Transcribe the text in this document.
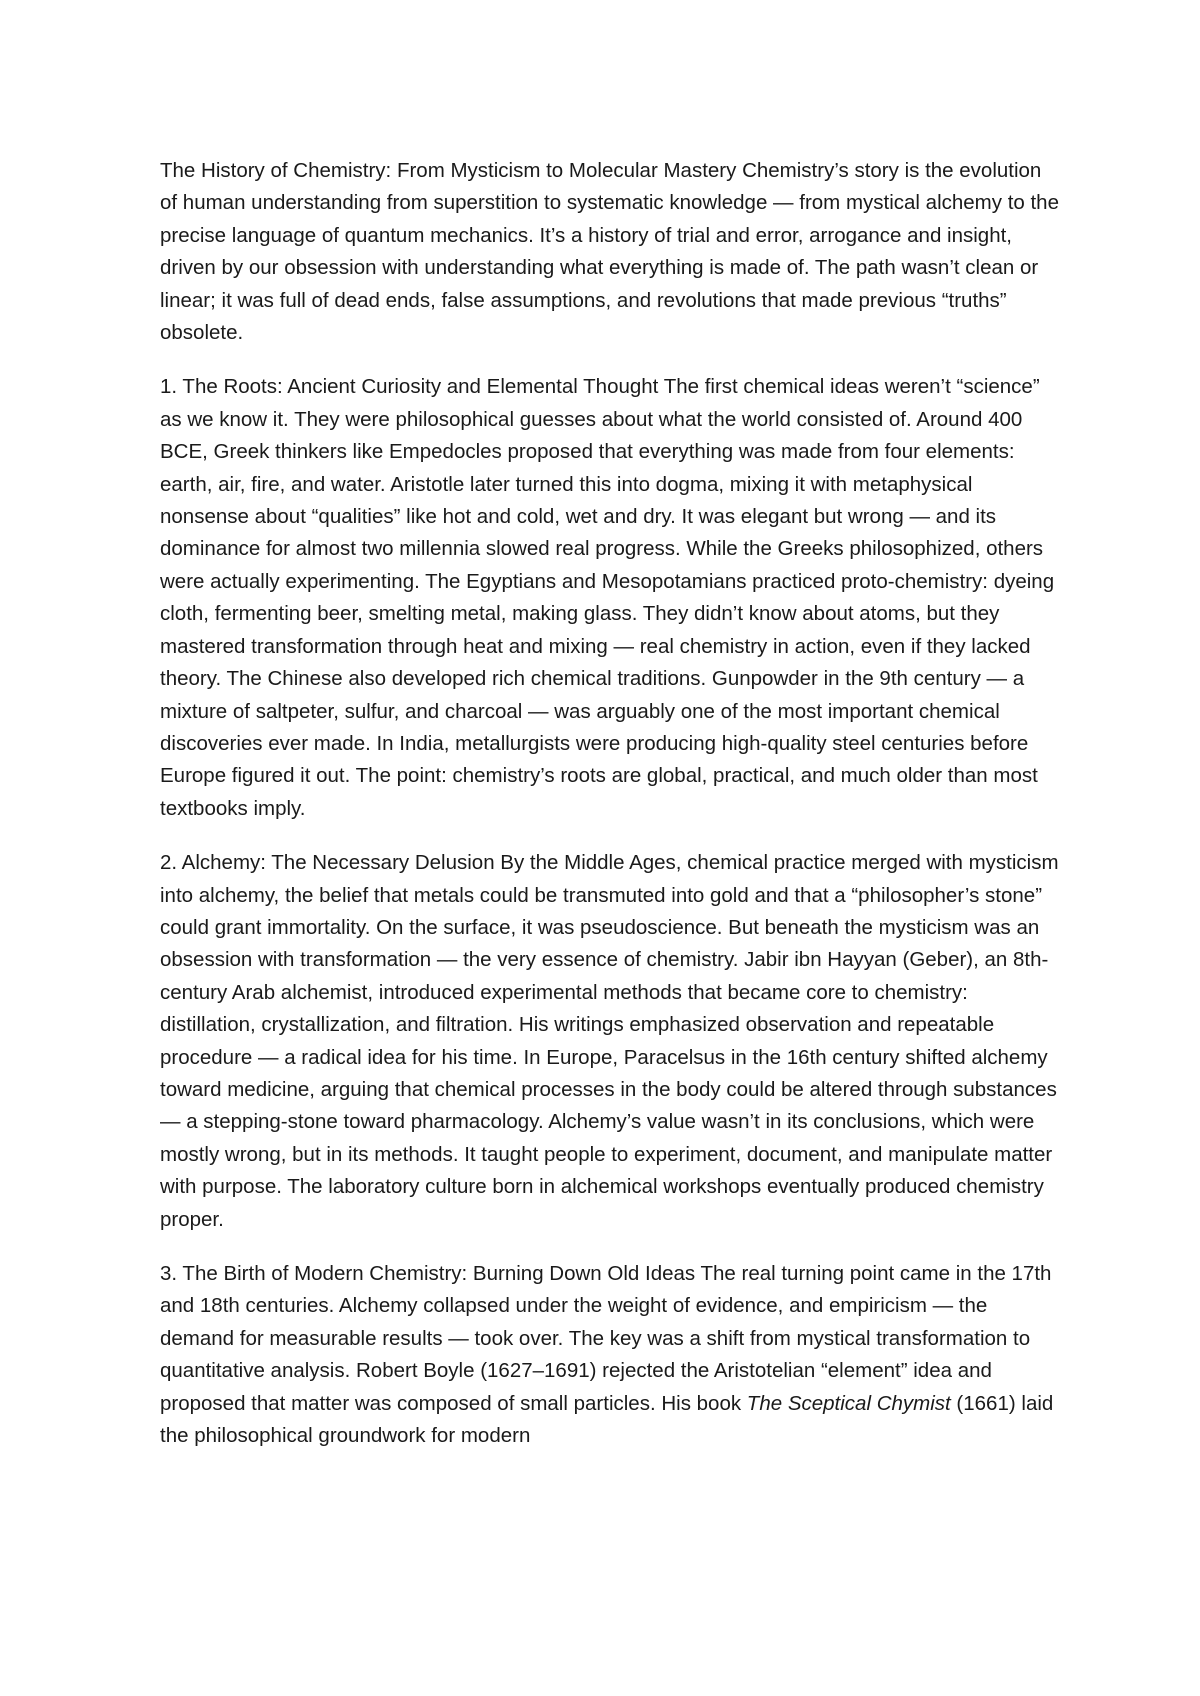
The History of Chemistry: From Mysticism to Molecular Mastery Chemistry’s story is the evolution of human understanding from superstition to systematic knowledge — from mystical alchemy to the precise language of quantum mechanics. It’s a history of trial and error, arrogance and insight, driven by our obsession with understanding what everything is made of. The path wasn’t clean or linear; it was full of dead ends, false assumptions, and revolutions that made previous “truths” obsolete.

1. The Roots: Ancient Curiosity and Elemental Thought The first chemical ideas weren’t “science” as we know it. They were philosophical guesses about what the world consisted of. Around 400 BCE, Greek thinkers like Empedocles proposed that everything was made from four elements: earth, air, fire, and water. Aristotle later turned this into dogma, mixing it with metaphysical nonsense about “qualities” like hot and cold, wet and dry. It was elegant but wrong — and its dominance for almost two millennia slowed real progress. While the Greeks philosophized, others were actually experimenting. The Egyptians and Mesopotamians practiced proto-chemistry: dyeing cloth, fermenting beer, smelting metal, making glass. They didn’t know about atoms, but they mastered transformation through heat and mixing — real chemistry in action, even if they lacked theory. The Chinese also developed rich chemical traditions. Gunpowder in the 9th century — a mixture of saltpeter, sulfur, and charcoal — was arguably one of the most important chemical discoveries ever made. In India, metallurgists were producing high-quality steel centuries before Europe figured it out. The point: chemistry’s roots are global, practical, and much older than most textbooks imply.

2. Alchemy: The Necessary Delusion By the Middle Ages, chemical practice merged with mysticism into alchemy, the belief that metals could be transmuted into gold and that a “philosopher’s stone” could grant immortality. On the surface, it was pseudoscience. But beneath the mysticism was an obsession with transformation — the very essence of chemistry. Jabir ibn Hayyan (Geber), an 8th-century Arab alchemist, introduced experimental methods that became core to chemistry: distillation, crystallization, and filtration. His writings emphasized observation and repeatable procedure — a radical idea for his time. In Europe, Paracelsus in the 16th century shifted alchemy toward medicine, arguing that chemical processes in the body could be altered through substances — a stepping-stone toward pharmacology. Alchemy’s value wasn’t in its conclusions, which were mostly wrong, but in its methods. It taught people to experiment, document, and manipulate matter with purpose. The laboratory culture born in alchemical workshops eventually produced chemistry proper.

3. The Birth of Modern Chemistry: Burning Down Old Ideas The real turning point came in the 17th and 18th centuries. Alchemy collapsed under the weight of evidence, and empiricism — the demand for measurable results — took over. The key was a shift from mystical transformation to quantitative analysis. Robert Boyle (1627–1691) rejected the Aristotelian “element” idea and proposed that matter was composed of small particles. His book The Sceptical Chymist (1661) laid the philosophical groundwork for modern
